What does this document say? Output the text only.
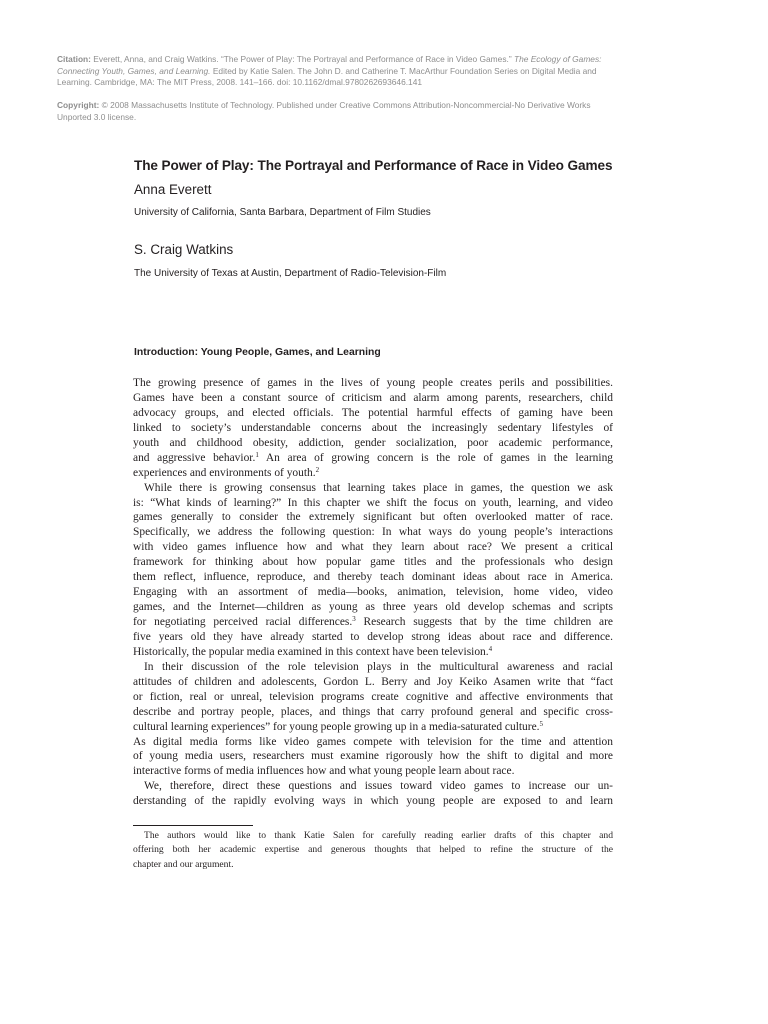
Citation: Everett, Anna, and Craig Watkins. “The Power of Play: The Portrayal and Performance of Race in Video Games.” The Ecology of Games: Connecting Youth, Games, and Learning. Edited by Katie Salen. The John D. and Catherine T. MacArthur Foundation Series on Digital Media and Learning. Cambridge, MA: The MIT Press, 2008. 141–166. doi: 10.1162/dmal.9780262693646.141
Copyright: © 2008 Massachusetts Institute of Technology. Published under Creative Commons Attribution-Noncommercial-No Derivative Works Unported 3.0 license.
The Power of Play: The Portrayal and Performance of Race in Video Games
Anna Everett
University of California, Santa Barbara, Department of Film Studies
S. Craig Watkins
The University of Texas at Austin, Department of Radio-Television-Film
Introduction: Young People, Games, and Learning
The growing presence of games in the lives of young people creates perils and possibilities.
Games have been a constant source of criticism and alarm among parents, researchers, child
advocacy groups, and elected officials. The potential harmful effects of gaming have been
linked to society’s understandable concerns about the increasingly sedentary lifestyles of
youth and childhood obesity, addiction, gender socialization, poor academic performance,
and aggressive behavior.$^1$ An area of growing concern is the role of games in the learning
experiences and environments of youth.$^2$
While there is growing consensus that learning takes place in games, the question we ask
is: “What kinds of learning?” In this chapter we shift the focus on youth, learning, and video
games generally to consider the extremely significant but often overlooked matter of race.
Specifically, we address the following question: In what ways do young people’s interactions
with video games influence how and what they learn about race? We present a critical
framework for thinking about how popular game titles and the professionals who design
them reflect, influence, reproduce, and thereby teach dominant ideas about race in America.
Engaging with an assortment of media—books, animation, television, home video, video
games, and the Internet—children as young as three years old develop schemas and scripts
for negotiating perceived racial differences.$^3$ Research suggests that by the time children are
five years old they have already started to develop strong ideas about race and difference.
Historically, the popular media examined in this context have been television.$^4$
In their discussion of the role television plays in the multicultural awareness and racial
attitudes of children and adolescents, Gordon L. Berry and Joy Keiko Asamen write that “fact
or fiction, real or unreal, television programs create cognitive and affective environments that
describe and portray people, places, and things that carry profound general and specific cross-
cultural learning experiences” for young people growing up in a media-saturated culture.$^5$
As digital media forms like video games compete with television for the time and attention
of young media users, researchers must examine rigorously how the shift to digital and more
interactive forms of media influences how and what young people learn about race.
We, therefore, direct these questions and issues toward video games to increase our un-
derstanding of the rapidly evolving ways in which young people are exposed to and learn
The authors would like to thank Katie Salen for carefully reading earlier drafts of this chapter and
offering both her academic expertise and generous thoughts that helped to refine the structure of the
chapter and our argument.
